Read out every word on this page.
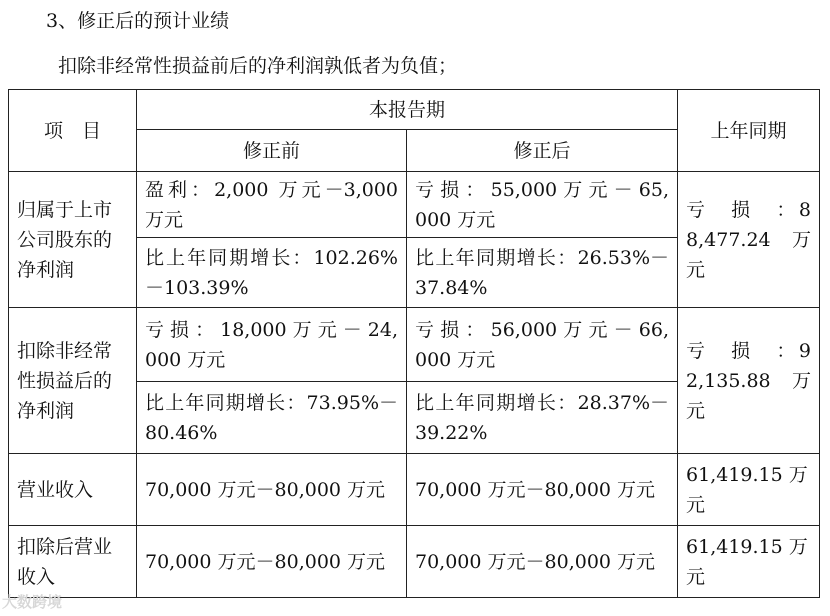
3、修正后的预计业绩
扣除非经常性损益前后的净利润孰低者为负值；
项　目	本报告期		上年同期
	修正前	修正后	
归属于上市公司股东的净利润	盈利：2,000 万元－3,000 万元	亏 损 ： 55,000 万 元 － 65,000 万元	亏　损　：88,477.24 万元
	比上年同期增长：102.26% －103.39%	比上年同期增长：26.53%－37.84%	
扣除非经常性损益后的净利润	亏 损 ： 18,000 万 元 － 24,000 万元	亏 损 ： 56,000 万 元 － 66,000 万元	亏　损　：92,135.88 万元
	比上年同期增长：73.95%－80.46%	比上年同期增长：28.37%－39.22%	
营业收入	70,000 万元－80,000 万元	70,000 万元－80,000 万元	61,419.15 万元
扣除后营业收入	70,000 万元－80,000 万元	70,000 万元－80,000 万元	61,419.15 万元
大数跨境
